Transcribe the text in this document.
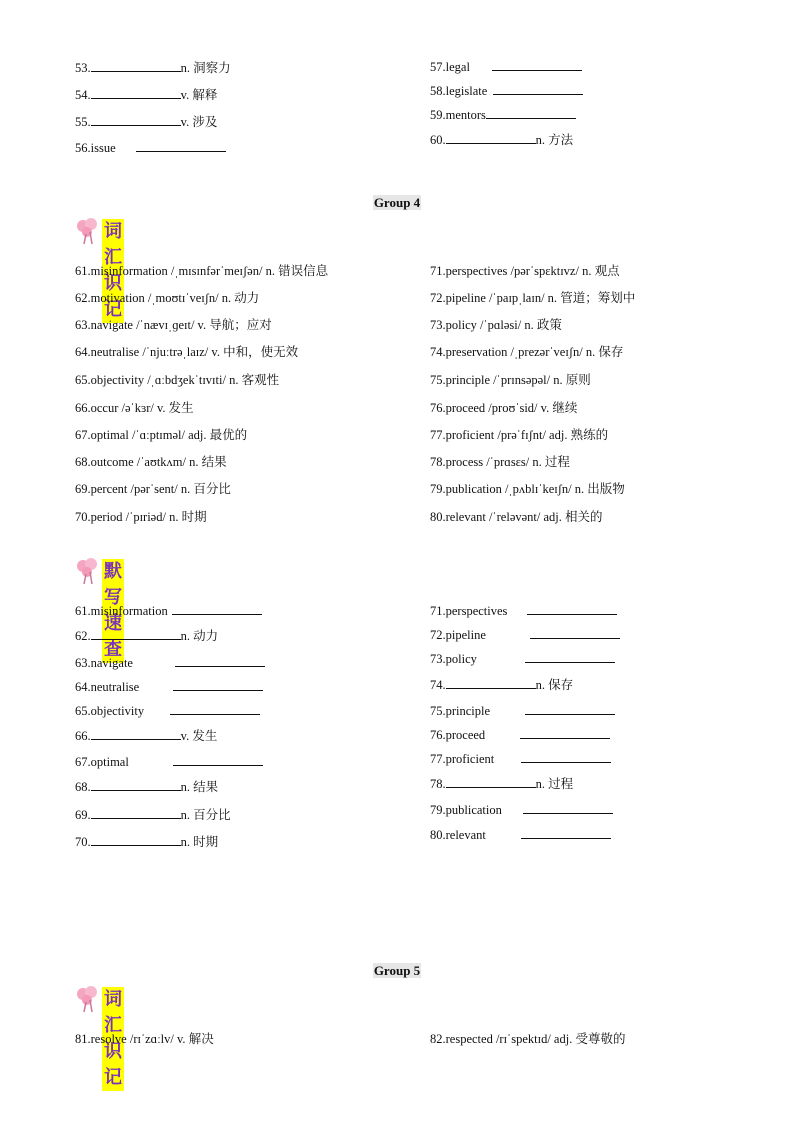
53.	n. 洞察力
54.	v. 解释
55.	v. 涉及
56.issue
57.legal
58.legislate
59.mentors
60.	n. 方法
Group 4
词汇识记
61.misinformation /ˌmɪsɪnfərˈmeɪʃən/ n. 错误信息
62.motivation /ˌmoʊtɪˈveɪʃn/ n. 动力
63.navigate /ˈnævɪˌɡeɪt/ v. 导航；应对
64.neutralise /ˈnjuːtrəˌlaɪz/ v. 中和，使无效
65.objectivity /ˌɑːbdʒekˈtɪvɪti/ n. 客观性
66.occur /əˈkɜr/ v. 发生
67.optimal /ˈɑːptɪməl/ adj. 最优的
68.outcome /ˈaʊtkʌm/ n. 结果
69.percent /pərˈsent/ n. 百分比
70.period /ˈpɪriəd/ n. 时期
71.perspectives /pərˈspɛktɪvz/ n. 观点
72.pipeline /ˈpaɪpˌlaɪn/ n. 管道；筹划中
73.policy /ˈpɑləsi/ n. 政策
74.preservation /ˌprezərˈveɪʃn/ n. 保存
75.principle /ˈprɪnsəpəl/ n. 原则
76.proceed /proʊˈsid/ v. 继续
77.proficient /prəˈfɪʃnt/ adj. 熟练的
78.process /ˈprɑsɛs/ n. 过程
79.publication /ˌpʌblɪˈkeɪʃn/ n. 出版物
80.relevant /ˈreləvənt/ adj. 相关的
默写速查
61.misinformation
62.	n. 动力
63.navigate
64.neutralise
65.objectivity
66.	v. 发生
67.optimal
68.	n. 结果
69.	n. 百分比
70.	n. 时期
71.perspectives
72.pipeline
73.policy
74.	n. 保存
75.principle
76.proceed
77.proficient
78.	n. 过程
79.publication
80.relevant
Group 5
词汇识记
81.resolve /rɪˈzɑːlv/ v. 解决	82.respected /rɪˈspektɪd/ adj. 受尊敬的
